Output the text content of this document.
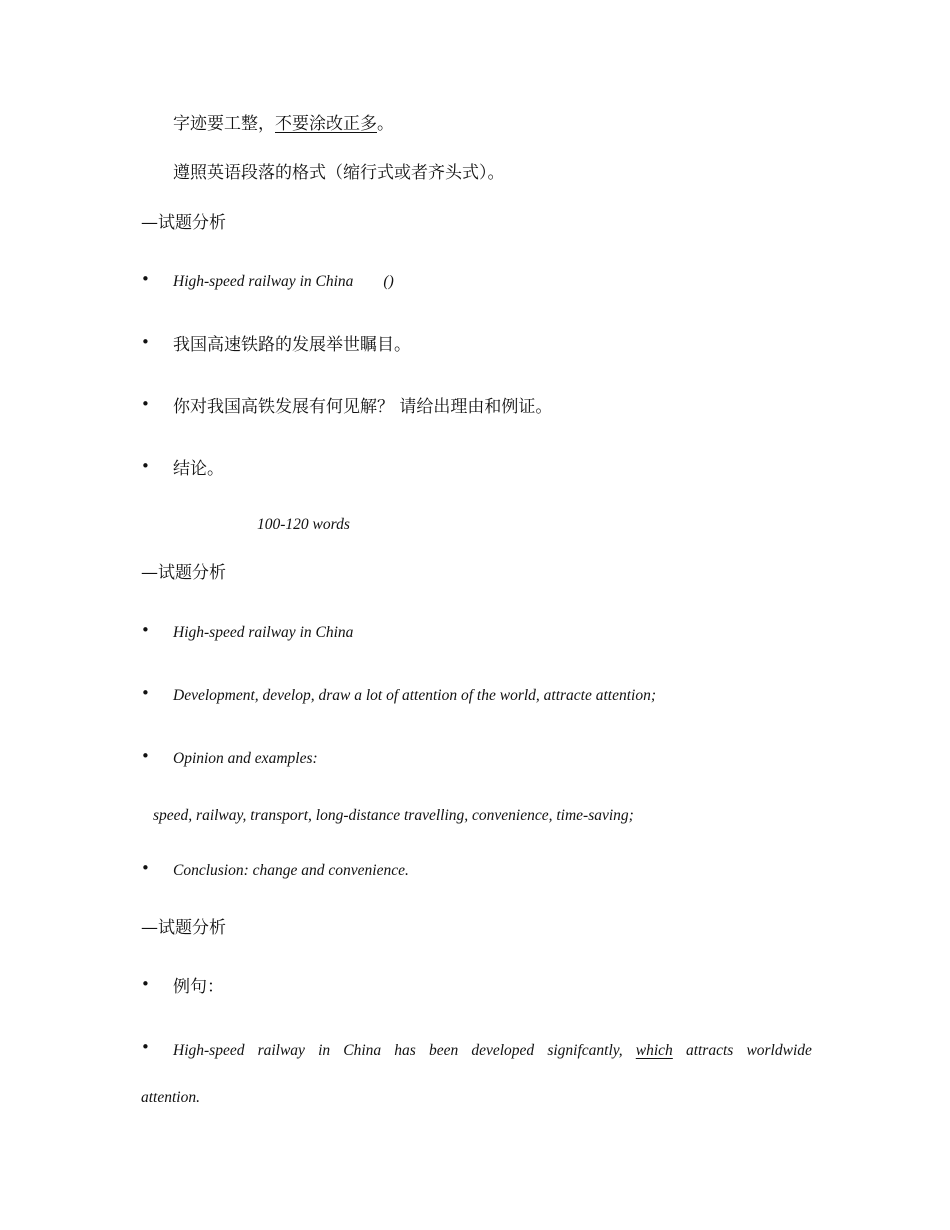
字迹要工整，不要涂改正多。
遵照英语段落的格式（缩行式或者齐头式）。
—试题分析
• High-speed railway in China ()
• 我国高速铁路的发展举世瞩目。
• 你对我国高铁发展有何见解？ 请给出理由和例证。
• 结论。
100-120 words
—试题分析
• High-speed railway in China
• Development, develop, draw a lot of attention of the world, attracte attention;
• Opinion and examples:
speed, railway, transport, long-distance travelling, convenience, time-saving;
• Conclusion: change and convenience.
—试题分析
• 例句：
• High-speed railway in China has been developed signifcantly, which attracts worldwide
attention.
